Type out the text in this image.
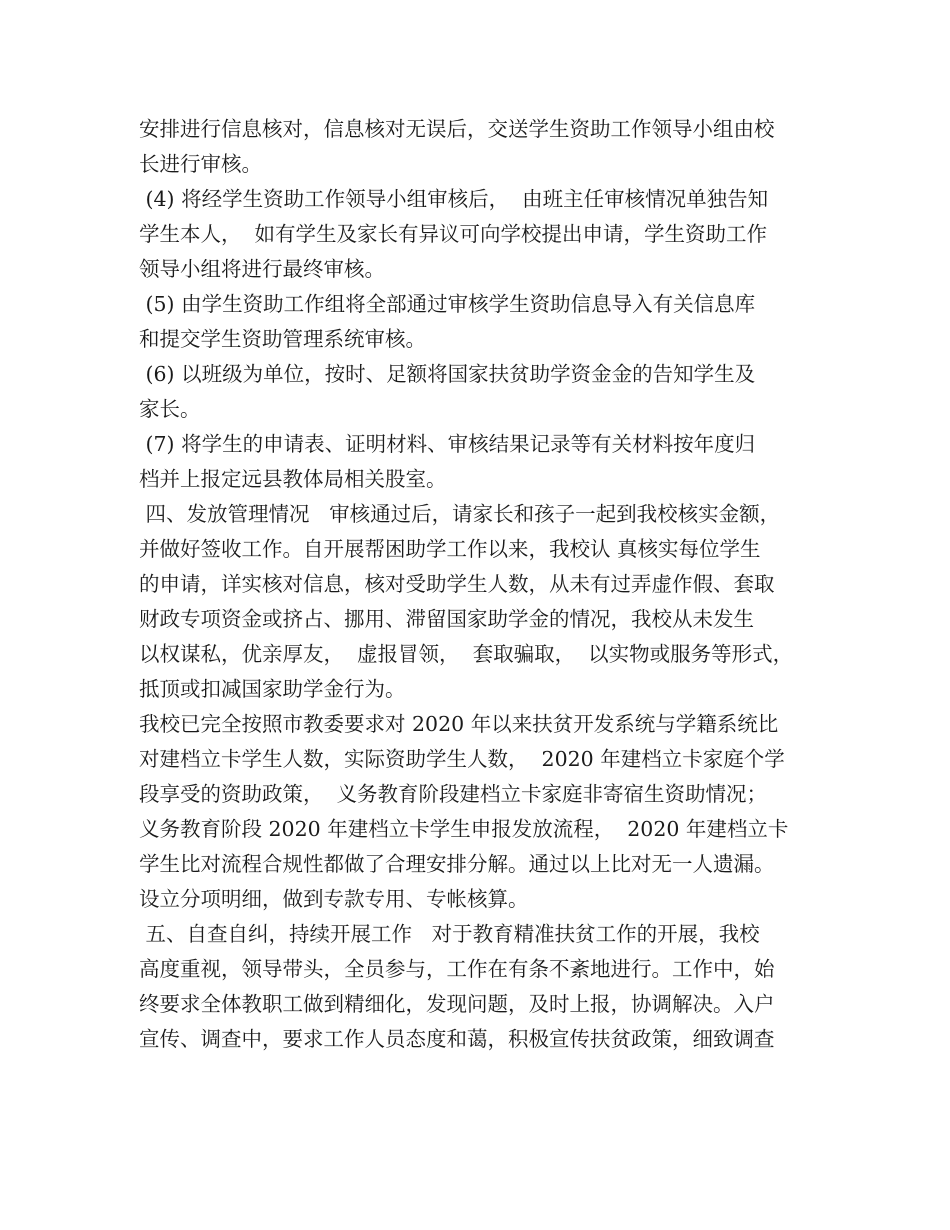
安排进行信息核对，信息核对无误后，交送学生资助工作领导小组由校
长进行审核。
(4) 将经学生资助工作领导小组审核后，  由班主任审核情况单独告知
学生本人，  如有学生及家长有异议可向学校提出申请，学生资助工作
领导小组将进行最终审核。
(5) 由学生资助工作组将全部通过审核学生资助信息导入有关信息库
和提交学生资助管理系统审核。
(6) 以班级为单位，按时、足额将国家扶贫助学资金金的告知学生及
家长。
(7) 将学生的申请表、证明材料、审核结果记录等有关材料按年度归
档并上报定远县教体局相关股室。
四、发放管理情况   审核通过后，请家长和孩子一起到我校核实金额，
并做好签收工作。自开展帮困助学工作以来，我校认 真核实每位学生
的申请，详实核对信息，核对受助学生人数，从未有过弄虚作假、套取
财政专项资金或挤占、挪用、滞留国家助学金的情况，我校从未发生
以权谋私，优亲厚友，  虚报冒领，  套取骗取，  以实物或服务等形式，
抵顶或扣减国家助学金行为。
我校已完全按照市教委要求对 2020 年以来扶贫开发系统与学籍系统比
对建档立卡学生人数，实际资助学生人数，  2020 年建档立卡家庭个学
段享受的资助政策，  义务教育阶段建档立卡家庭非寄宿生资助情况；
义务教育阶段 2020 年建档立卡学生申报发放流程，  2020 年建档立卡
学生比对流程合规性都做了合理安排分解。通过以上比对无一人遗漏。
设立分项明细，做到专款专用、专帐核算。
五、自查自纠，持续开展工作   对于教育精准扶贫工作的开展，我校
高度重视，领导带头，全员参与，工作在有条不紊地进行。工作中，始
终要求全体教职工做到精细化，发现问题，及时上报，协调解决。入户
宣传、调查中，要求工作人员态度和蔼，积极宣传扶贫政策，细致调查
